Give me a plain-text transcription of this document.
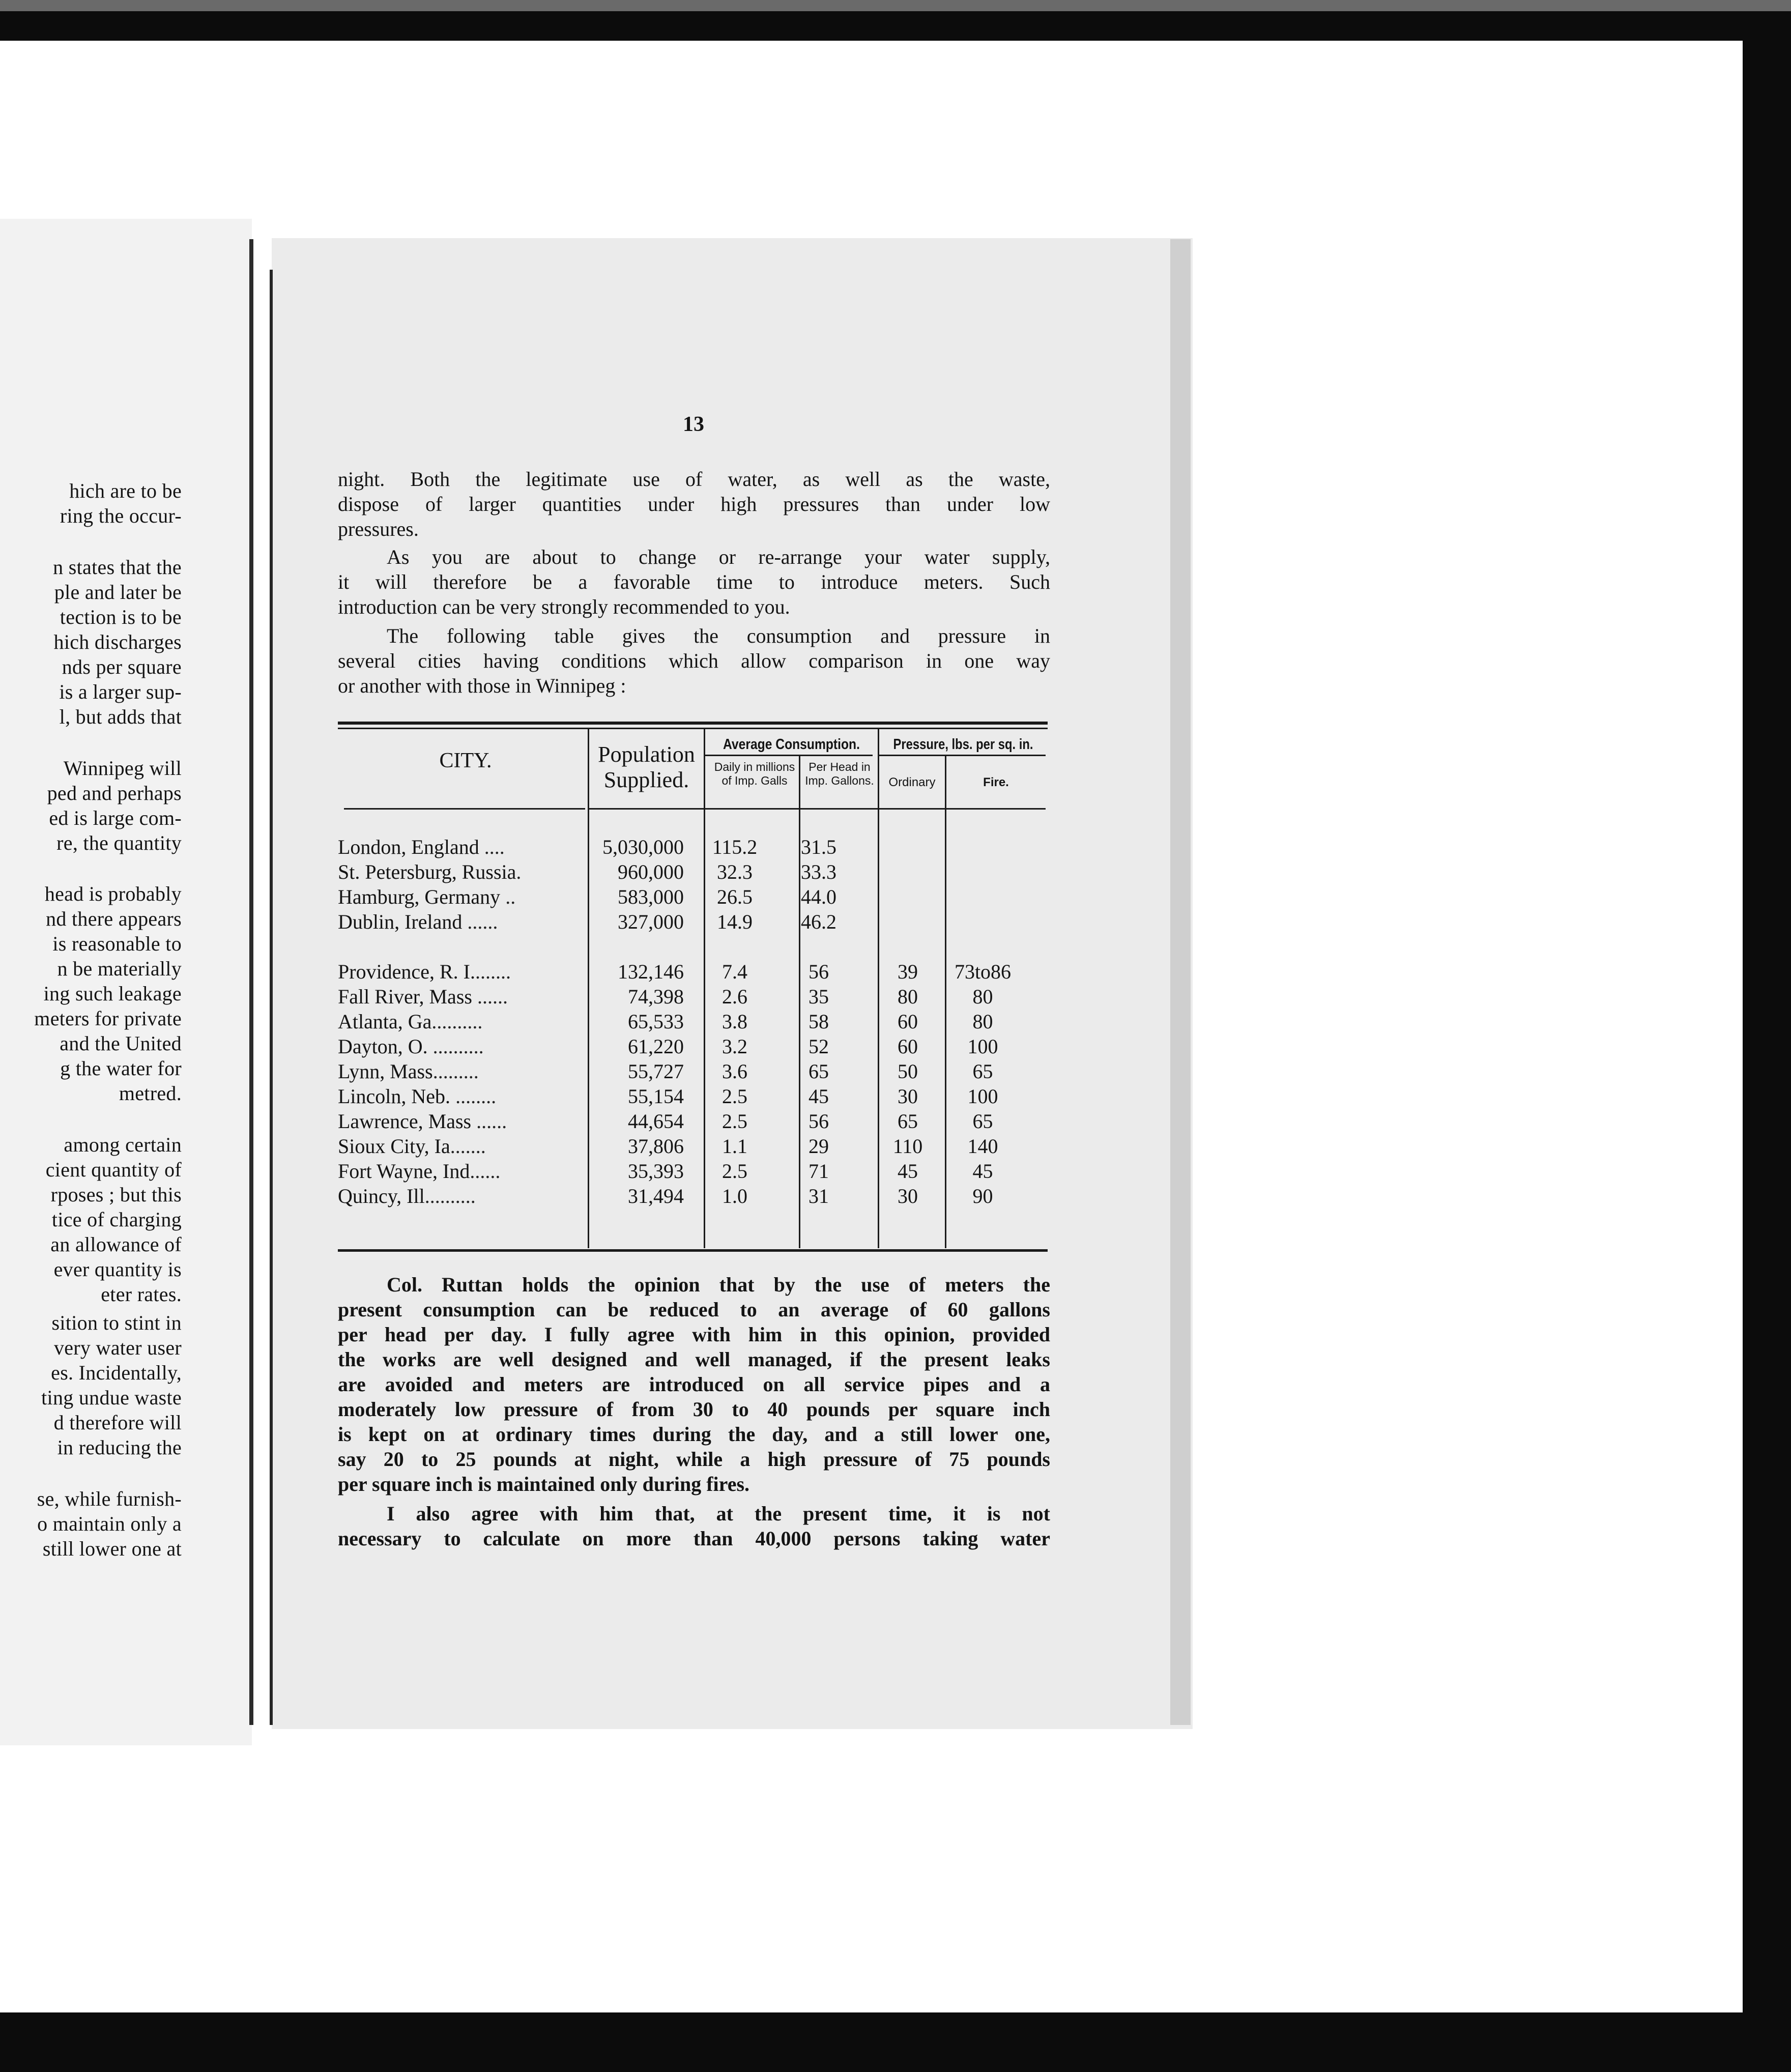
hich are to be
ring the occur-
n states that the
ple and later be
tection is to be
hich discharges
nds per square
is a larger sup-
l, but adds that
Winnipeg will
ped and perhaps
ed is large com-
re, the quantity
head is probably
nd there appears
is reasonable to
n be materially
ing such leakage
meters for private
and the United
g the water for
metred.
among certain
cient quantity of
rposes ; but this
tice of charging
an allowance of
ever quantity is
eter rates.
sition to stint in
very water user
es. Incidentally,
ting undue waste
d therefore will
in reducing the
se, while furnish-
o maintain only a
still lower one at
13
night. Both the legitimate use of water, as well as the waste,
dispose of larger quantities under high pressures than under low
pressures.
As you are about to change or re-arrange your water supply,
it will therefore be a favorable time to introduce meters. Such
introduction can be very strongly recommended to you.
The following table gives the consumption and pressure in
several cities having conditions which allow comparison in one way
or another with those in Winnipeg :
CITY.	Population Supplied.
Average Consumption.
Daily in millions of Imp. Galls
Per Head in Imp. Gallons.
Pressure, lbs. per sq. in.
Ordinary	Fire.
London, England ....	5,030,000	115.2	31.5
St. Petersburg, Russia.	960,000	32.3	33.3
Hamburg, Germany ..	583,000	26.5	44.0
Dublin, Ireland ......	327,000	14.9	46.2
Providence, R. I........	132,146	7.4	56	39	73to86
Fall River, Mass ......	74,398	2.6	35	80	80
Atlanta, Ga..........	65,533	3.8	58	60	80
Dayton, O. ..........	61,220	3.2	52	60	100
Lynn, Mass.........	55,727	3.6	65	50	65
Lincoln, Neb. ........	55,154	2.5	45	30	100
Lawrence, Mass ......	44,654	2.5	56	65	65
Sioux City, Ia.......	37,806	1.1	29	110	140
Fort Wayne, Ind......	35,393	2.5	71	45	45
Quincy, Ill..........	31,494	1.0	31	30	90
Col. Ruttan holds the opinion that by the use of meters the
present consumption can be reduced to an average of 60 gallons
per head per day. I fully agree with him in this opinion, provided
the works are well designed and well managed, if the present leaks
are avoided and meters are introduced on all service pipes and a
moderately low pressure of from 30 to 40 pounds per square inch
is kept on at ordinary times during the day, and a still lower one,
say 20 to 25 pounds at night, while a high pressure of 75 pounds
per square inch is maintained only during fires.
I also agree with him that, at the present time, it is not
necessary to calculate on more than 40,000 persons taking water
